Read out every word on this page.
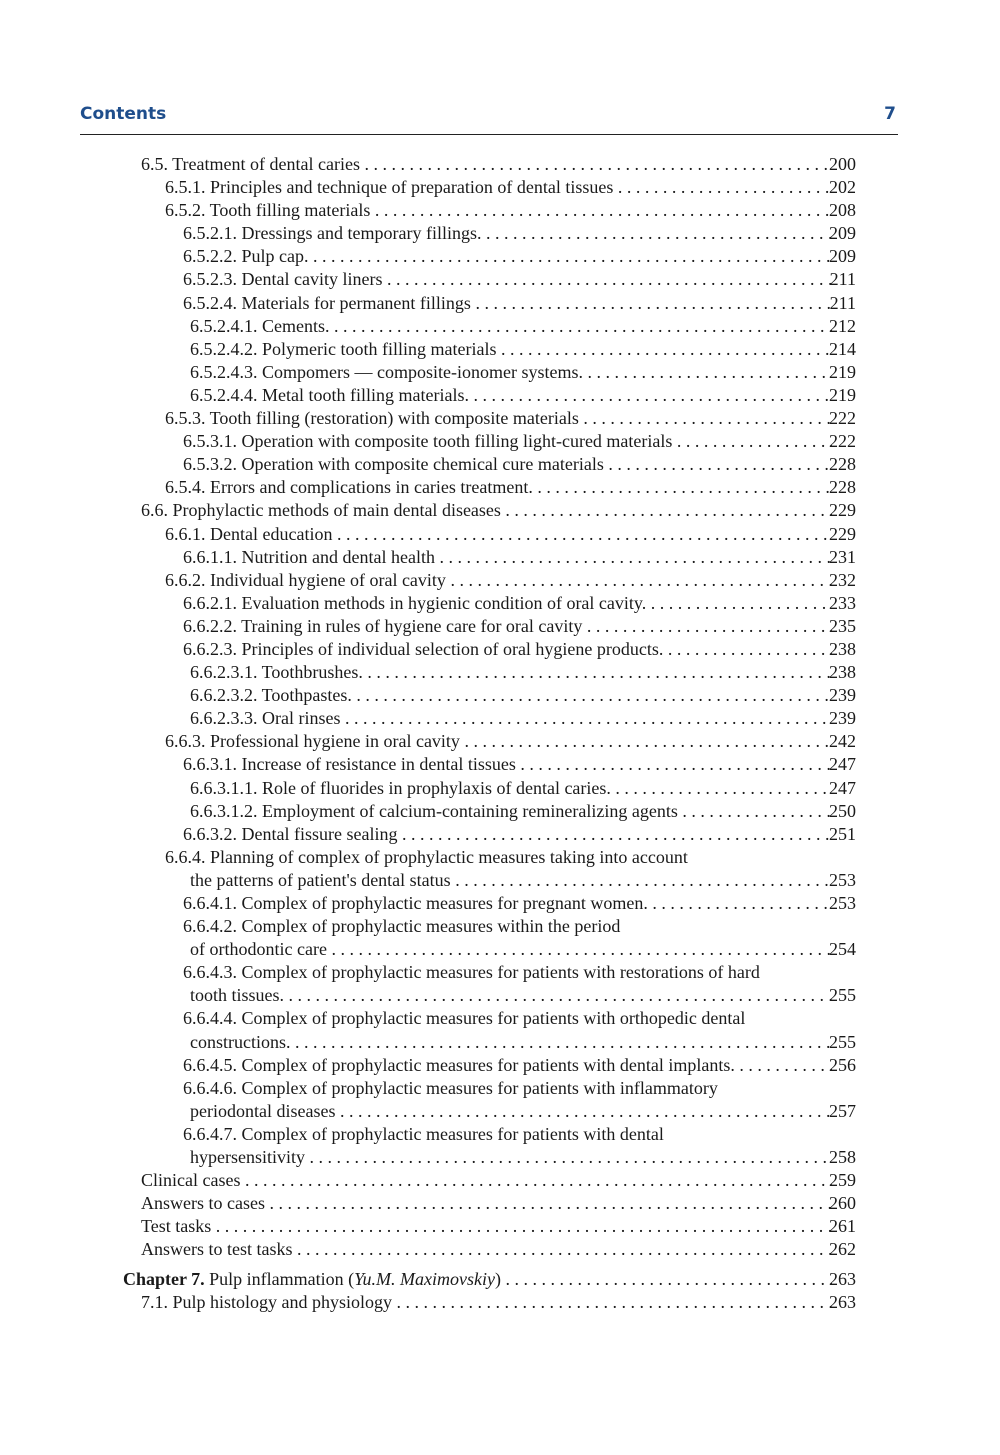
Contents	7
6.5. Treatment of dental caries . . .	200
6.5.1. Principles and technique of preparation of dental tissues . . .	202
6.5.2. Tooth filling materials . . .	208
6.5.2.1. Dressings and temporary fillings. . . .	209
6.5.2.2. Pulp cap. . . .	209
6.5.2.3. Dental cavity liners . . .	211
6.5.2.4. Materials for permanent fillings . . .	211
6.5.2.4.1. Cements. . . .	212
6.5.2.4.2. Polymeric tooth filling materials . . .	214
6.5.2.4.3. Compomers — composite-ionomer systems. . . .	219
6.5.2.4.4. Metal tooth filling materials. . . .	219
6.5.3. Tooth filling (restoration) with composite materials . . .	222
6.5.3.1. Operation with composite tooth filling light-cured materials . . .	222
6.5.3.2. Operation with composite chemical cure materials . . .	228
6.5.4. Errors and complications in caries treatment. . . .	228
6.6. Prophylactic methods of main dental diseases . . .	229
6.6.1. Dental education . . .	229
6.6.1.1. Nutrition and dental health . . .	231
6.6.2. Individual hygiene of oral cavity . . .	232
6.6.2.1. Evaluation methods in hygienic condition of oral cavity. . . .	233
6.6.2.2. Training in rules of hygiene care for oral cavity . . .	235
6.6.2.3. Principles of individual selection of oral hygiene products. . . .	238
6.6.2.3.1. Toothbrushes. . . .	238
6.6.2.3.2. Toothpastes. . . .	239
6.6.2.3.3. Oral rinses . . .	239
6.6.3. Professional hygiene in oral cavity . . .	242
6.6.3.1. Increase of resistance in dental tissues . . .	247
6.6.3.1.1. Role of fluorides in prophylaxis of dental caries. . . .	247
6.6.3.1.2. Employment of calcium-containing remineralizing agents . . .	250
6.6.3.2. Dental fissure sealing . . .	251
6.6.4. Planning of complex of prophylactic measures taking into account
the patterns of patient's dental status . . .	253
6.6.4.1. Complex of prophylactic measures for pregnant women. . . .	253
6.6.4.2. Complex of prophylactic measures within the period
of orthodontic care . . .	254
6.6.4.3. Complex of prophylactic measures for patients with restorations of hard
tooth tissues. . . .	255
6.6.4.4. Complex of prophylactic measures for patients with orthopedic dental
constructions. . . .	255
6.6.4.5. Complex of prophylactic measures for patients with dental implants. . . .	256
6.6.4.6. Complex of prophylactic measures for patients with inflammatory
periodontal diseases . . .	257
6.6.4.7. Complex of prophylactic measures for patients with dental
hypersensitivity . . .	258
Clinical cases . . .	259
Answers to cases . . .	260
Test tasks . . .	261
Answers to test tasks . . .	262
Chapter 7. Pulp inflammation (Yu.M. Maximovskiy) . . .	263
7.1. Pulp histology and physiology . . .	263
